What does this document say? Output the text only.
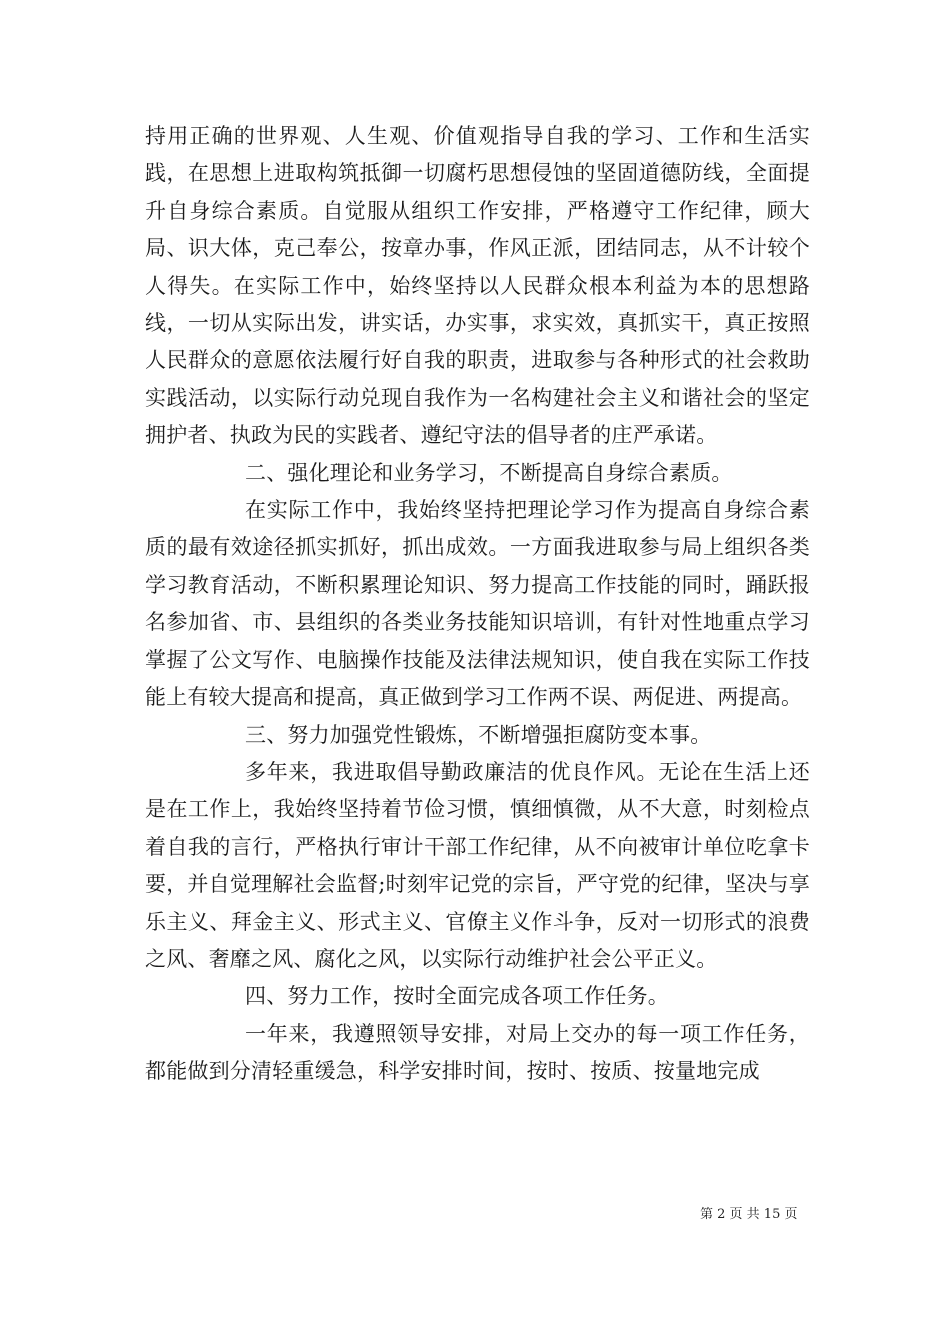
持用正确的世界观、人生观、价值观指导自我的学习、工作和生活实践，在思想上进取构筑抵御一切腐朽思想侵蚀的坚固道德防线，全面提升自身综合素质。自觉服从组织工作安排，严格遵守工作纪律，顾大局、识大体，克己奉公，按章办事，作风正派，团结同志，从不计较个人得失。在实际工作中，始终坚持以人民群众根本利益为本的思想路线，一切从实际出发，讲实话，办实事，求实效，真抓实干，真正按照人民群众的意愿依法履行好自我的职责，进取参与各种形式的社会救助实践活动，以实际行动兑现自我作为一名构建社会主义和谐社会的坚定拥护者、执政为民的实践者、遵纪守法的倡导者的庄严承诺。

二、强化理论和业务学习，不断提高自身综合素质。

在实际工作中，我始终坚持把理论学习作为提高自身综合素质的最有效途径抓实抓好，抓出成效。一方面我进取参与局上组织各类学习教育活动，不断积累理论知识、努力提高工作技能的同时，踊跃报名参加省、市、县组织的各类业务技能知识培训，有针对性地重点学习掌握了公文写作、电脑操作技能及法律法规知识，使自我在实际工作技能上有较大提高和提高，真正做到学习工作两不误、两促进、两提高。

三、努力加强党性锻炼，不断增强拒腐防变本事。

多年来，我进取倡导勤政廉洁的优良作风。无论在生活上还是在工作上，我始终坚持着节俭习惯，慎细慎微，从不大意，时刻检点着自我的言行，严格执行审计干部工作纪律，从不向被审计单位吃拿卡要，并自觉理解社会监督;时刻牢记党的宗旨，严守党的纪律，坚决与享乐主义、拜金主义、形式主义、官僚主义作斗争，反对一切形式的浪费之风、奢靡之风、腐化之风，以实际行动维护社会公平正义。

四、努力工作，按时全面完成各项工作任务。

一年来，我遵照领导安排，对局上交办的每一项工作任务，都能做到分清轻重缓急，科学安排时间，按时、按质、按量地完成

第 2 页 共 15 页
